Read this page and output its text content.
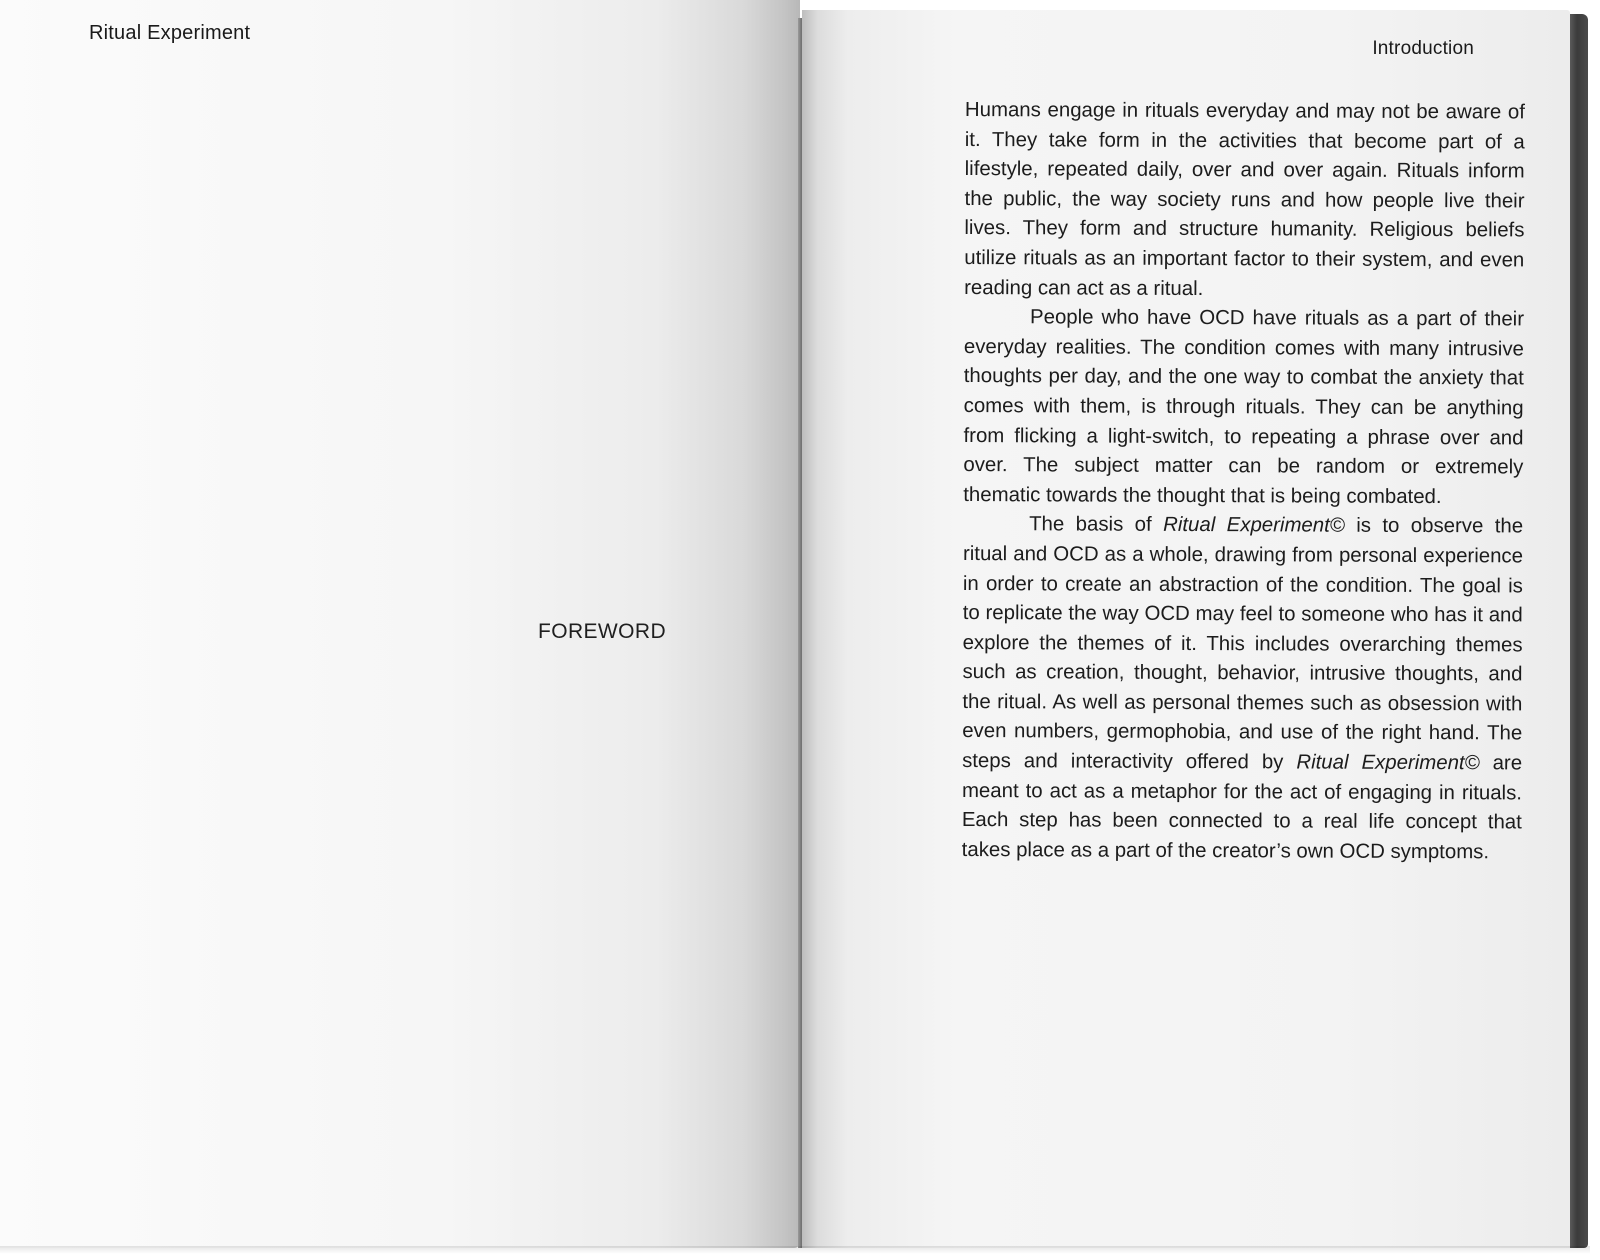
Ritual Experiment
FOREWORD
Introduction

Humans engage in rituals everyday and may not be aware of it. They take form in the activities that become part of a lifestyle, repeated daily, over and over again. Rituals inform the public, the way society runs and how people live their lives. They form and structure humanity. Religious beliefs utilize rituals as an important factor to their system, and even reading can act as a ritual.

People who have OCD have rituals as a part of their everyday realities. The condition comes with many intrusive thoughts per day, and the one way to combat the anxiety that comes with them, is through rituals. They can be anything from flicking a light-switch, to repeating a phrase over and over. The subject matter can be random or extremely thematic towards the thought that is being combated.

The basis of Ritual Experiment© is to observe the ritual and OCD as a whole, drawing from personal experience in order to create an abstraction of the condition. The goal is to replicate the way OCD may feel to someone who has it and explore the themes of it. This includes overarching themes such as creation, thought, behavior, intrusive thoughts, and the ritual. As well as personal themes such as obsession with even numbers, germophobia, and use of the right hand. The steps and interactivity offered by Ritual Experiment© are meant to act as a metaphor for the act of engaging in rituals. Each step has been connected to a real life concept that takes place as a part of the creator’s own OCD symptoms.
